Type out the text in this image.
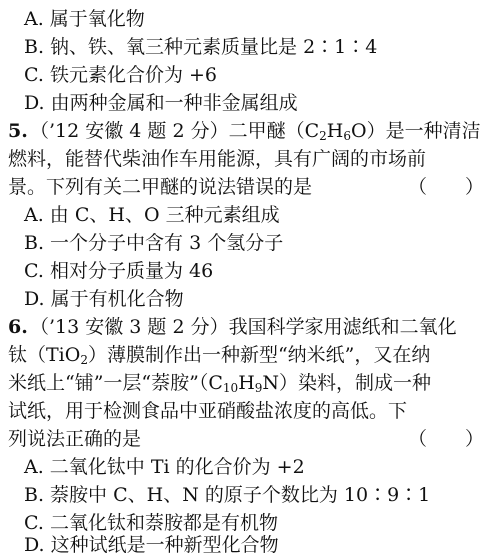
A. 属于氧化物
B. 钠、铁、氧三种元素质量比是 2∶1∶4
C. 铁元素化合价为 +6
D. 由两种金属和一种非金属组成
5. （’12 安徽 4 题 2 分）二甲醚$(C_2H_6O)$是一种清洁
燃料，能替代柴油作车用能源，具有广阔的市场前
景。下列有关二甲醚的说法错误的是	（　　）
A. 由 C、H、O 三种元素组成
B. 一个分子中含有 3 个氢分子
C. 相对分子质量为 46
D. 属于有机化合物
6. （’13 安徽 3 题 2 分）我国科学家用滤纸和二氧化
钛（TiO$_2$）薄膜制作出一种新型“纳米纸”，又在纳
米纸上“铺”一层“萘胺$”(C_{10}H_9N)$染料，制成一种
试纸，用于检测食品中亚硝酸盐浓度的高低。下
列说法正确的是	（　　）
A. 二氧化钛中 Ti 的化合价为 +2
B. 萘胺中 C、H、N 的原子个数比为 10∶9∶1
C. 二氧化钛和萘胺都是有机物
D. 这种试纸是一种新型化合物
